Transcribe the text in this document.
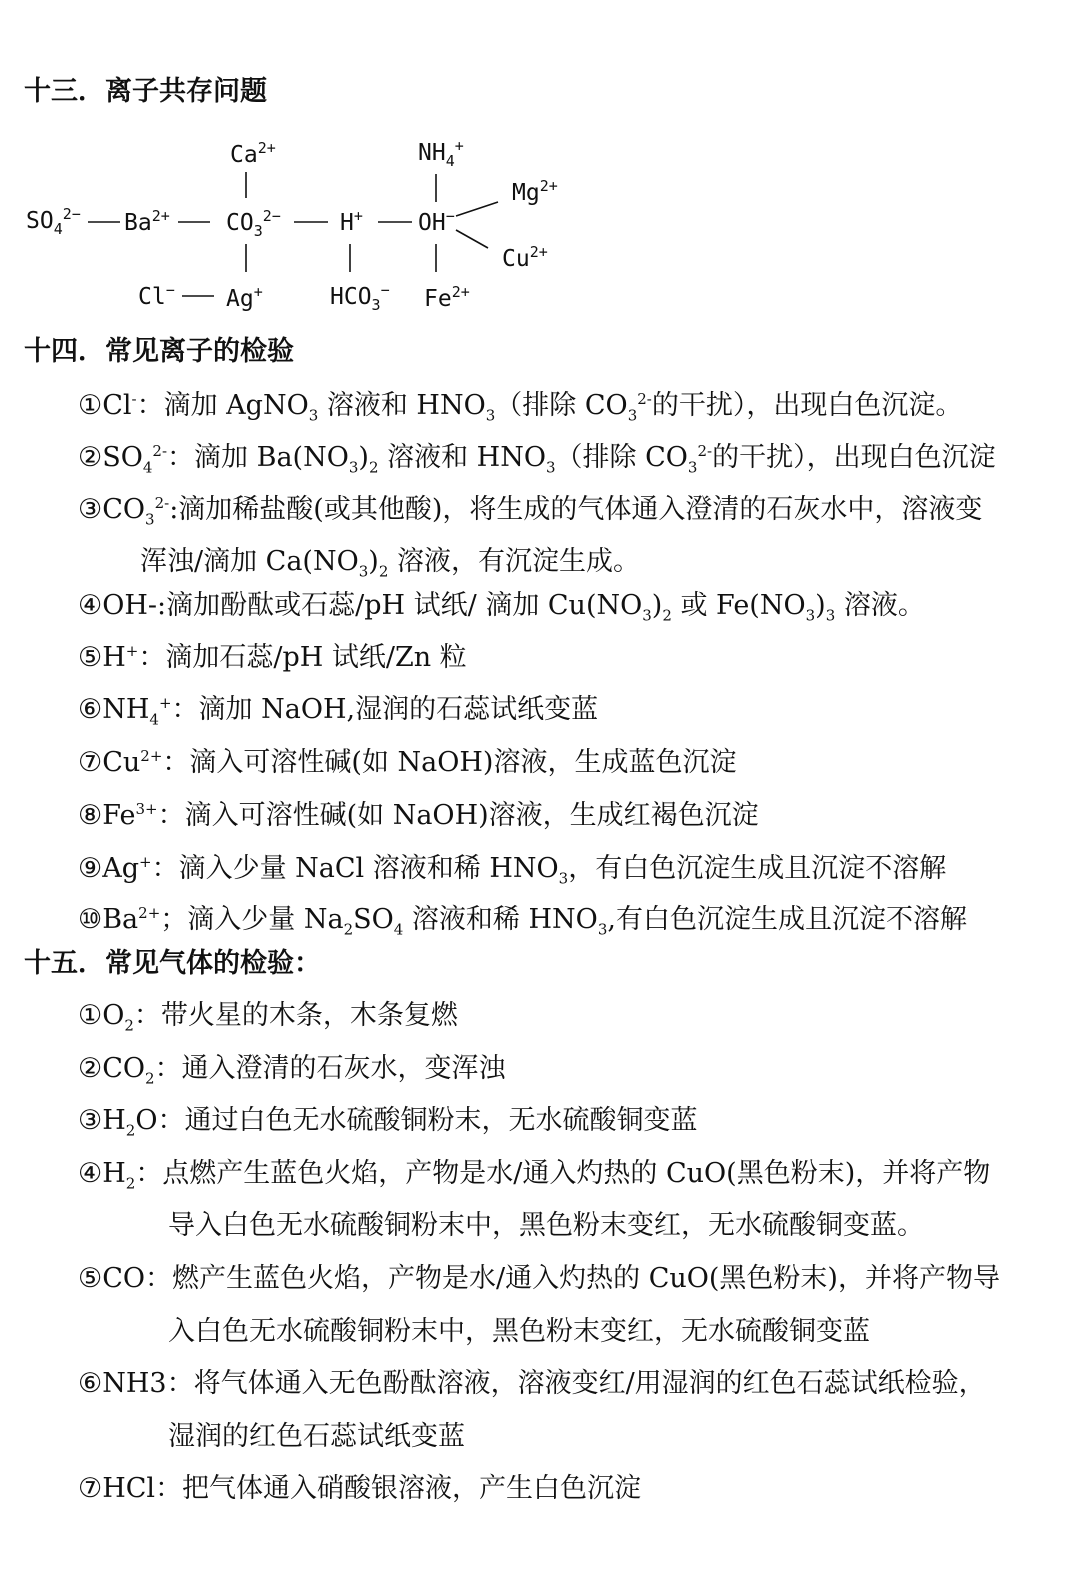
十三．离子共存问题
$Ca^{2+}$	$NH_4^+$
$Mg^{2+}$
$SO_4^{2-}$ $Ba^{2+}$ $CO_3^{2-}$	H+ OH−
$Cu^{2+}$
Cl− Ag+	$HCO_3^-$ $Fe^{2+}$
十四．常见离子的检验

①Cl-：滴加 AgNO$_3$ 溶液和 $HNO_3$（排除 $CO_3^{2-}$的干扰），出现白色沉淀。

$②SO_4^{2-}$：滴加 $Ba(NO_3)_2$ 溶液和 $HNO_3$（排除 $CO_3^{2-}$的干扰），出现白色沉淀

$③CO_3^{2-}$:滴加稀盐酸(或其他酸)，将生成的气体通入澄清的石灰水中，溶液变

浑浊/滴加 $Ca(NO_3)_2$ 溶液，有沉淀生成。

④OH-:滴加酚酞或石蕊/pH 试纸/ 滴加 $Cu(NO_3)_2$ 或 $Fe(NO_3)_3$ 溶液。

⑤H+：滴加石蕊/pH 试纸/Zn 粒

$⑥NH_4^+$：滴加 NaOH,湿润的石蕊试纸变蓝

$⑦Cu^{2+}$：滴入可溶性碱(如 NaOH)溶液，生成蓝色沉淀

$⑧Fe^{3+}$：滴入可溶性碱(如 NaOH)溶液，生成红褐色沉淀

⑨Ag+：滴入少量 NaCl 溶液和稀 $HNO_3$，有白色沉淀生成且沉淀不溶解

$⑩Ba^{2+}$；滴入少量 $Na_2SO_4$ 溶液和稀 $HNO_3$,有白色沉淀生成且沉淀不溶解

十五．常见气体的检验：

$①O_2$：带火星的木条，木条复燃

$②CO_2$：通入澄清的石灰水，变浑浊

$③H_2O$：通过白色无水硫酸铜粉末，无水硫酸铜变蓝

$④H_2$：点燃产生蓝色火焰，产物是水/通入灼热的 CuO(黑色粉末)，并将产物

导入白色无水硫酸铜粉末中，黑色粉末变红，无水硫酸铜变蓝。

⑤CO：燃产生蓝色火焰，产物是水/通入灼热的 CuO(黑色粉末)，并将产物导

入白色无水硫酸铜粉末中，黑色粉末变红，无水硫酸铜变蓝

⑥NH3：将气体通入无色酚酞溶液，溶液变红/用湿润的红色石蕊试纸检验，

湿润的红色石蕊试纸变蓝

⑦HCl：把气体通入硝酸银溶液，产生白色沉淀
